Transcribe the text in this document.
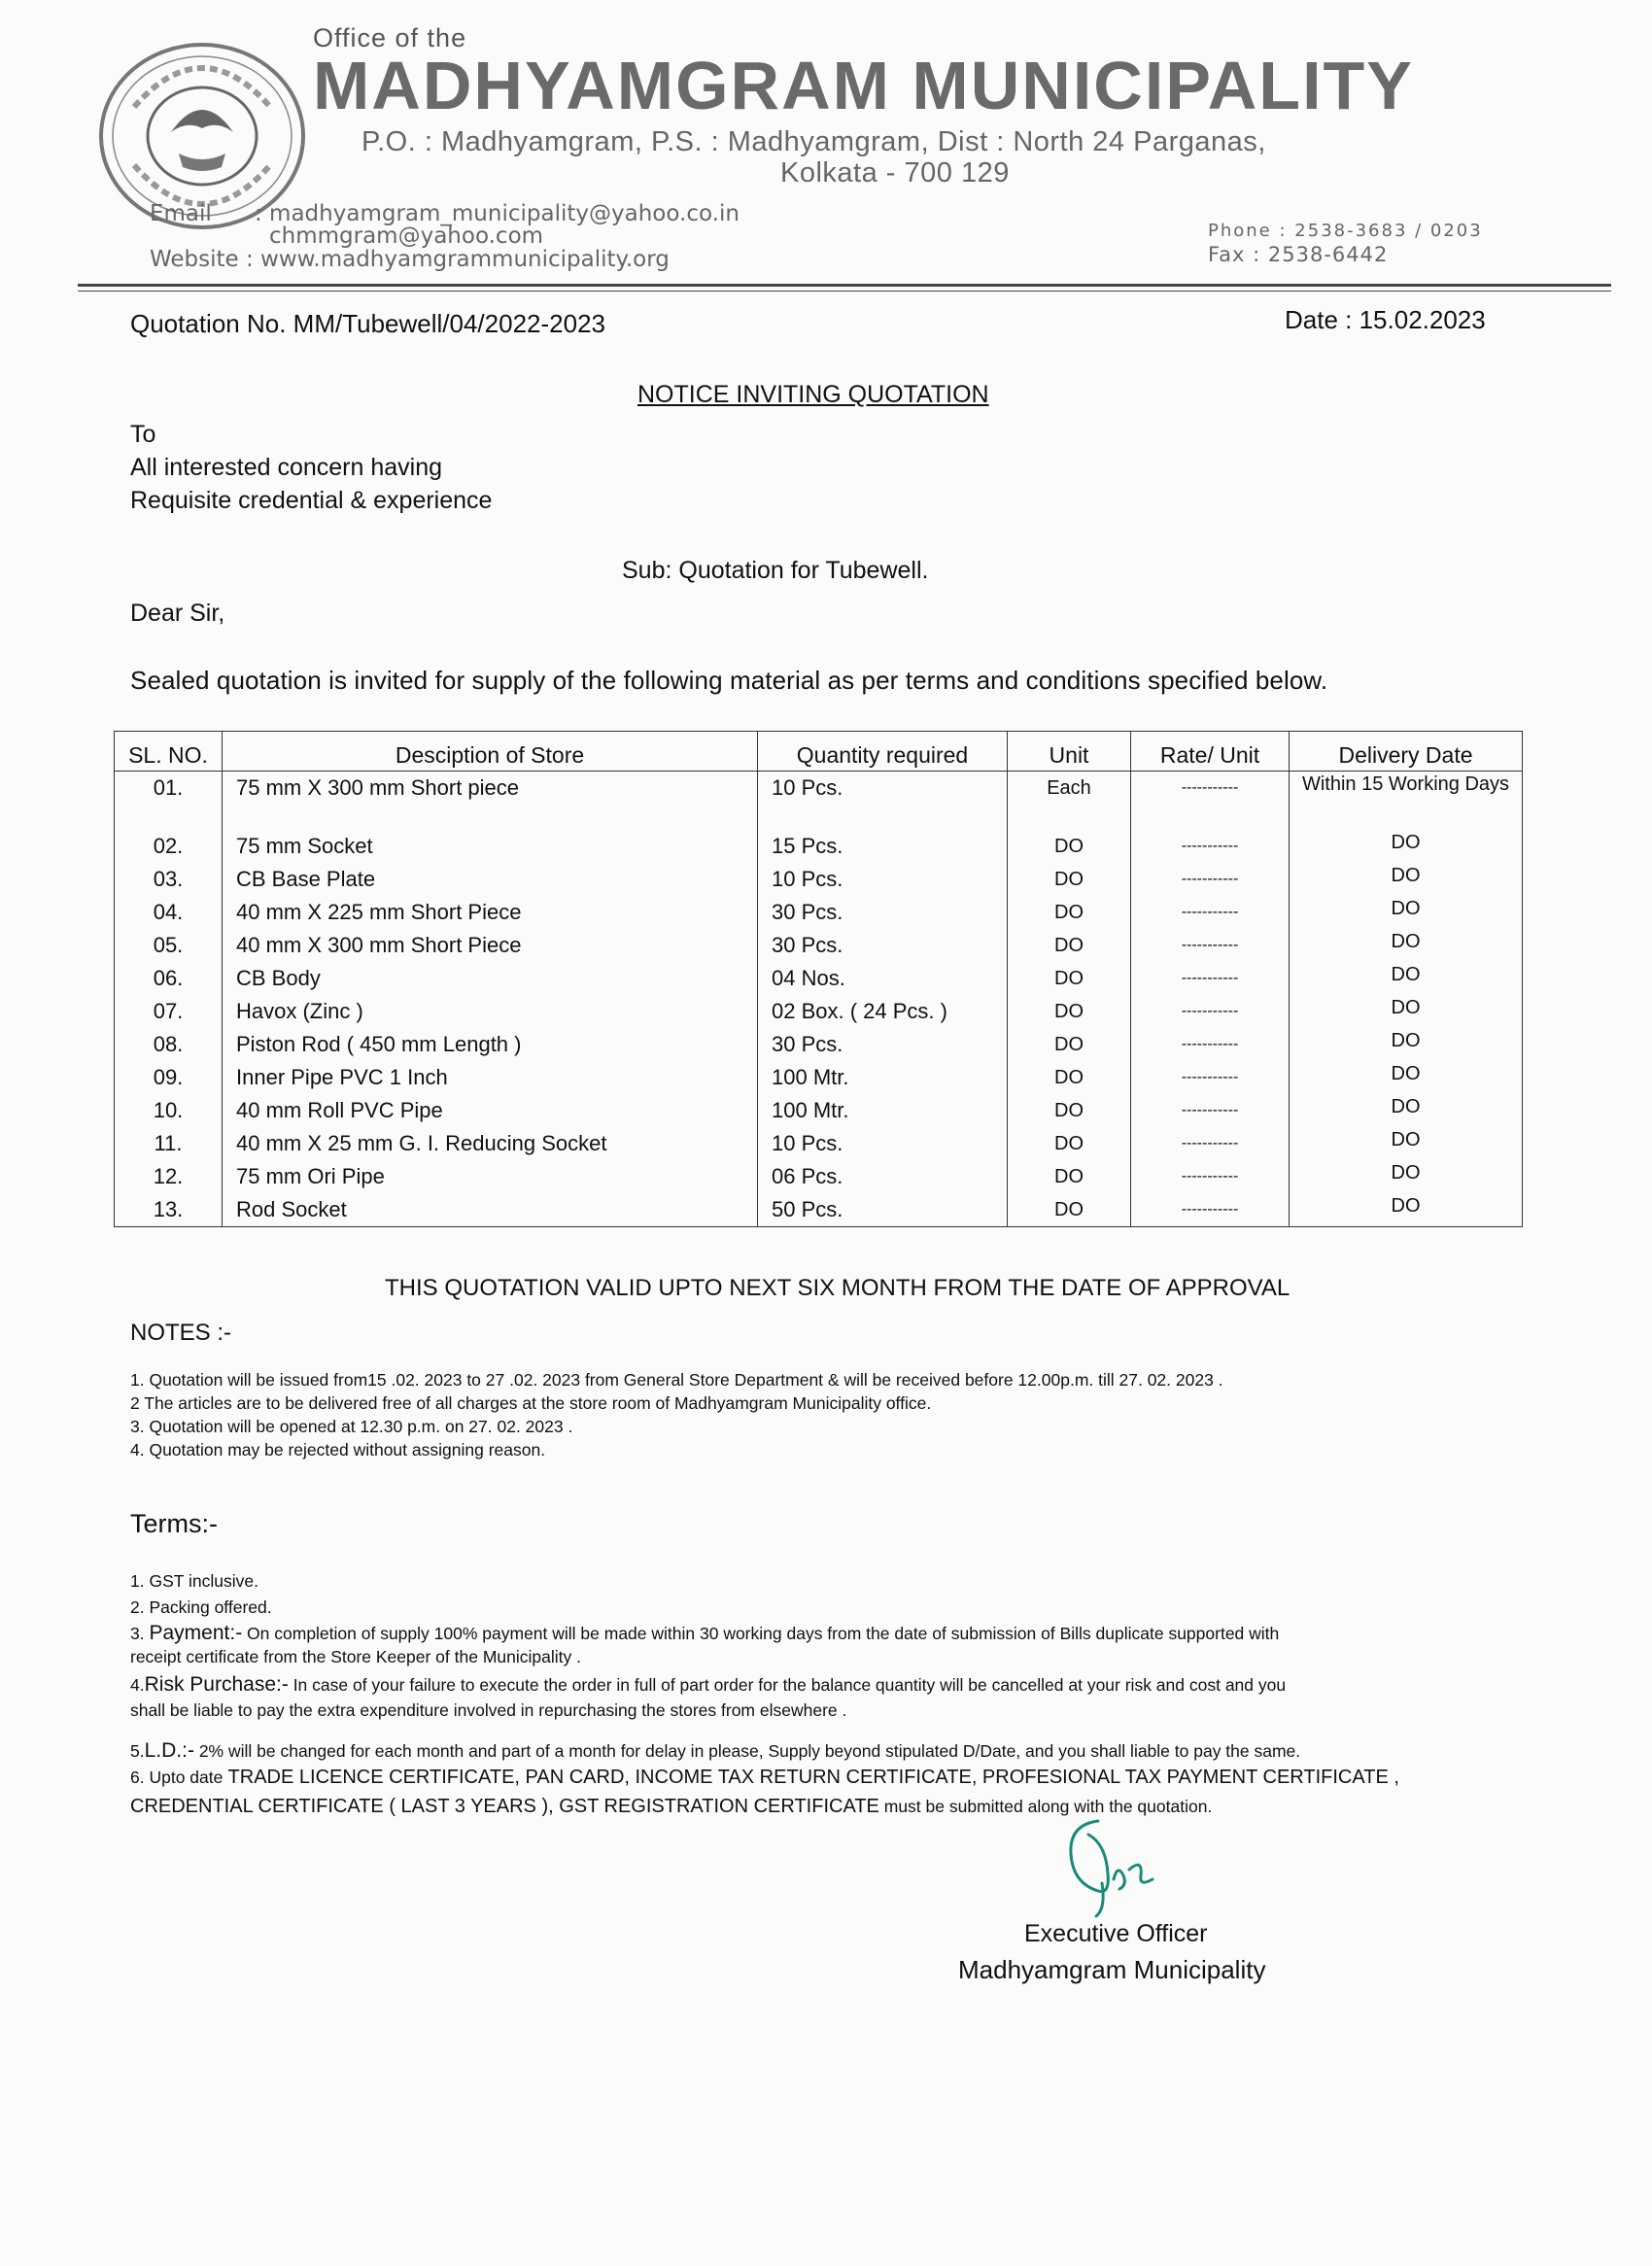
Office of the
MADHYAMGRAM MUNICIPALITY
P.O. : Madhyamgram, P.S. : Madhyamgram, Dist : North 24 Parganas,
Kolkata - 700 129
Email : madhyamgram_municipality@yahoo.co.in
chmmgram@yahoo.com
Website : www.madhyamgrammunicipality.org
Phone : 2538-3683 / 0203
Fax : 2538-6442
Quotation No. MM/Tubewell/04/2022-2023	Date : 15.02.2023
NOTICE INVITING QUOTATION
To
All interested concern having
Requisite credential & experience
Sub: Quotation for Tubewell.
Dear Sir,
Sealed quotation is invited for supply of the following material as per terms and conditions specified below.
SL. NO.	Desciption of Store	Quantity required	Unit	Rate/ Unit	Delivery Date
01.	75 mm X 300 mm Short piece	10 Pcs.	Each	-----------	Within 15 Working Days
02.	75 mm Socket	15 Pcs.	DO	-----------	DO
03.	CB Base Plate	10 Pcs.	DO	-----------	DO
04.	40 mm X 225 mm Short Piece	30 Pcs.	DO	-----------	DO
05.	40 mm X 300 mm Short Piece	30 Pcs.	DO	-----------	DO
06.	CB Body	04 Nos.	DO	-----------	DO
07.	Havox (Zinc )	02 Box. ( 24 Pcs. )	DO	-----------	DO
08.	Piston Rod ( 450 mm Length )	30 Pcs.	DO	-----------	DO
09.	Inner Pipe PVC 1 Inch	100 Mtr.	DO	-----------	DO
10.	40 mm Roll PVC Pipe	100 Mtr.	DO	-----------	DO
11.	40 mm X 25 mm G. I. Reducing Socket	10 Pcs.	DO	-----------	DO
12.	75 mm Ori Pipe	06 Pcs.	DO	-----------	DO
13.	Rod Socket	50 Pcs.	DO	-----------	DO
THIS QUOTATION VALID UPTO NEXT SIX MONTH FROM THE DATE OF APPROVAL
NOTES :-
1. Quotation will be issued from15 .02. 2023 to 27 .02. 2023 from General Store Department & will be received before 12.00p.m. till 27. 02. 2023 .
2 The articles are to be delivered free of all charges at the store room of Madhyamgram Municipality office.
3. Quotation will be opened at 12.30 p.m. on 27. 02. 2023 .
4. Quotation may be rejected without assigning reason.
Terms:-
1. GST inclusive.
2. Packing offered.
3. Payment:- On completion of supply 100% payment will be made within 30 working days from the date of submission of Bills duplicate supported with
receipt certificate from the Store Keeper of the Municipality .
4.Risk Purchase:- In case of your failure to execute the order in full of part order for the balance quantity will be cancelled at your risk and cost and you
shall be liable to pay the extra expenditure involved in repurchasing the stores from elsewhere .
5.L.D.:- 2% will be changed for each month and part of a month for delay in please, Supply beyond stipulated D/Date, and you shall liable to pay the same.
6. Upto date TRADE LICENCE CERTIFICATE, PAN CARD, INCOME TAX RETURN CERTIFICATE, PROFESIONAL TAX PAYMENT CERTIFICATE ,
CREDENTIAL CERTIFICATE ( LAST 3 YEARS ), GST REGISTRATION CERTIFICATE must be submitted along with the quotation.
Executive Officer
Madhyamgram Municipality
